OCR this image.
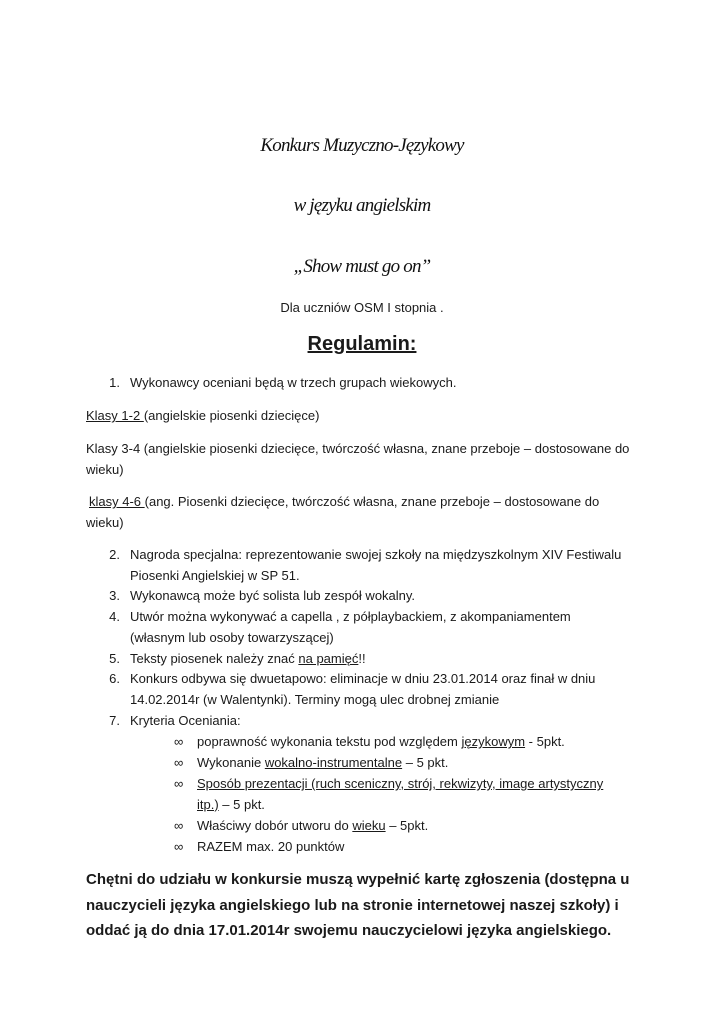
Konkurs Muzyczno-Językowy
w języku angielskim
„Show must go on”
Dla uczniów OSM I stopnia .
Regulamin:
1. Wykonawcy oceniani będą w trzech grupach wiekowych.
Klasy 1-2 (angielskie piosenki dziecięce)
Klasy 3-4 (angielskie piosenki dziecięce, twórczość własna, znane przeboje – dostosowane do
wieku)
klasy 4-6 (ang. Piosenki dziecięce, twórczość własna, znane przeboje – dostosowane do
wieku)
2. Nagroda specjalna: reprezentowanie swojej szkoły na międzyszkolnym XIV Festiwalu
Piosenki Angielskiej w SP 51.
3. Wykonawcą może być solista lub zespół wokalny.
4. Utwór można wykonywać a capella , z półplaybackiem, z akompaniamentem
(własnym lub osoby towarzyszącej)
5. Teksty piosenek należy znać na pamięć!!
6. Konkurs odbywa się dwuetapowo: eliminacje w dniu 23.01.2014 oraz finał w dniu
14.02.2014r (w Walentynki). Terminy mogą ulec drobnej zmianie
7. Kryteria Oceniania:
∞	poprawność wykonania tekstu pod względem językowym - 5pkt.
∞	Wykonanie wokalno-instrumentalne – 5 pkt.
∞	Sposób prezentacji (ruch sceniczny, strój, rekwizyty, image artystyczny
itp.) – 5 pkt.
∞	Właściwy dobór utworu do wieku – 5pkt.
∞	RAZEM max. 20 punktów
Chętni do udziału w konkursie muszą wypełnić kartę zgłoszenia (dostępna u
nauczycieli języka angielskiego lub na stronie internetowej naszej szkoły) i
oddać ją do dnia 17.01.2014r swojemu nauczycielowi języka angielskiego.
